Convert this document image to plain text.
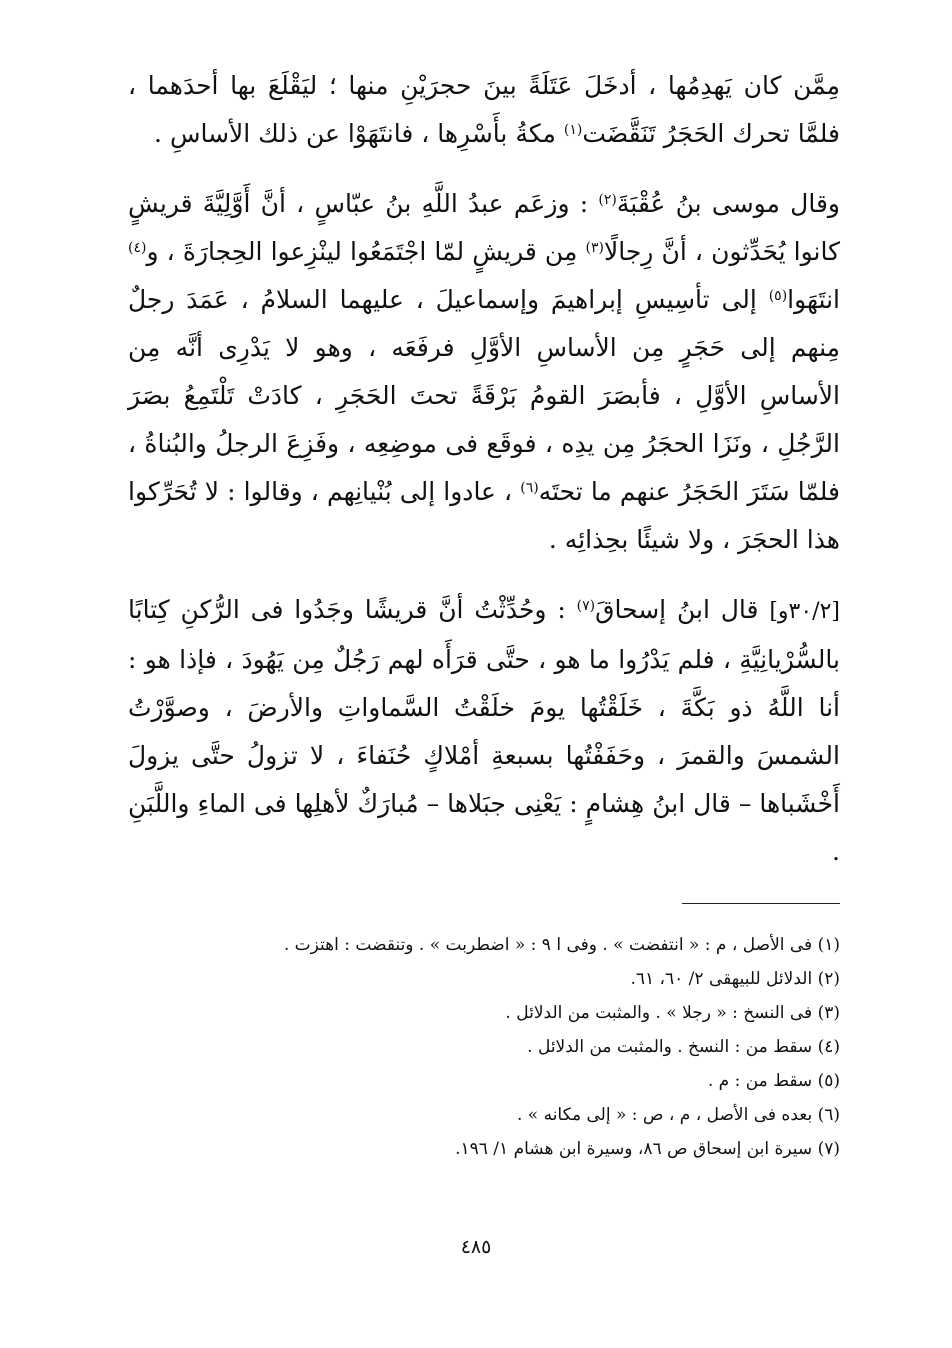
مِمَّن كان يَهدِمُها ، أدخَلَ عَتَلَةً بينَ حجرَيْنِ منها ؛ ليَقْلَعَ بها أحدَهما ، فلمَّا تحرك الحَجَرُ تَنَقَّضَت$^{(١)}$ مكةُ بأَسْرِها ، فانتَهَوْا عن ذلك الأساسِ .

وقال موسى بنُ عُقْبَةَ$^{(٢)}$ : وزعَم عبدُ اللَّهِ بنُ عبّاسٍ ، أنَّ أَوَّلِيَّةَ قريشٍ كانوا يُحَدِّثون ، أنَّ رِجالًا$^{(٣)}$ مِن قريشٍ لمّا اجْتَمَعُوا لينْزِعوا الحِجارَةَ ، و$^{(٤)}$ انتَهَوا$^{(٥)}$ إلى تأسِيسِ إبراهيمَ وإسماعيلَ ، عليهما السلامُ ، عَمَدَ رجلٌ مِنهم إلى حَجَرٍ مِن الأساسِ الأوَّلِ فرفَعَه ، وهو لا يَدْرِى أنَّه مِن الأساسِ الأوَّلِ ، فأبصَرَ القومُ بَرْقَةً تحتَ الحَجَرِ ، كادَتْ تَلْتَمِعُ بصَرَ الرَّجُلِ ، ونَزَا الحجَرُ مِن يدِه ، فوقَع فى موضِعِه ، وفَزِعَ الرجلُ والبُناةُ ، فلمّا سَتَرَ الحَجَرُ عنهم ما تحتَه$^{(٦)}$ ، عادوا إلى بُنْيانِهم ، وقالوا : لا تُحَرِّكوا هذا الحجَرَ ، ولا شيئًا بحِذائِه .

[٣٠/٢و] قال ابنُ إسحاقَ$^{(٧)}$ : وحُدِّثْتُ أنَّ قريشًا وجَدُوا فى الرُّكنِ كِتابًا بالسُّرْيانِيَّةِ ، فلم يَدْرُوا ما هو ، حتَّى قرَأَه لهم رَجُلٌ مِن يَهُودَ ، فإذا هو : أنا اللَّهُ ذو بَكَّةَ ، خَلَقْتُها يومَ خلَقْتُ السَّماواتِ والأرضَ ، وصوَّرْتُ الشمسَ والقمرَ ، وحَفَفْتُها بسبعةِ أمْلاكٍ حُنَفاءَ ، لا تزولُ حتَّى يزولَ أَخْشَباها – قال ابنُ هِشامٍ : يَعْنِى جبَلاها – مُبارَكٌ لأهلِها فى الماءِ واللَّبَنِ .

(١) فى الأصل ، م : « انتفضت » . وفى ا ٩ : « اضطربت » . وتنقضت : اهتزت .
(٢) الدلائل للبيهقى ٢/ ٦٠، ٦١.
(٣) فى النسخ : « رجلا » . والمثبت من الدلائل .
(٤) سقط من : النسخ . والمثبت من الدلائل .
(٥) سقط من : م .
(٦) بعده فى الأصل ، م ، ص : « إلى مكانه » .
(٧) سيرة ابن إسحاق ص ٨٦، وسيرة ابن هشام ١/ ١٩٦.
٤٨٥
